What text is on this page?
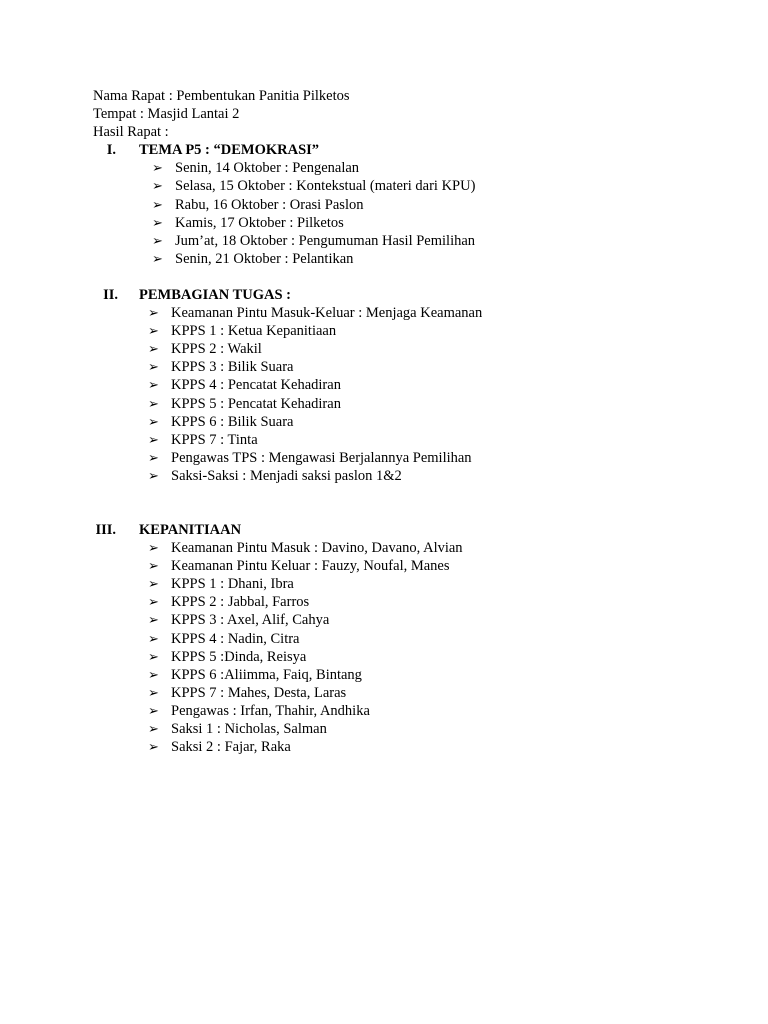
Nama Rapat : Pembentukan Panitia Pilketos
Tempat : Masjid Lantai 2
Hasil Rapat :
I. TEMA P5 : “DEMOKRASI”
➢ Senin, 14 Oktober : Pengenalan
➢ Selasa, 15 Oktober : Kontekstual (materi dari KPU)
➢ Rabu, 16 Oktober : Orasi Paslon
➢ Kamis, 17 Oktober : Pilketos
➢ Jum’at, 18 Oktober : Pengumuman Hasil Pemilihan
➢ Senin, 21 Oktober : Pelantikan
II. PEMBAGIAN TUGAS :
➢ Keamanan Pintu Masuk-Keluar : Menjaga Keamanan
➢ KPPS 1 : Ketua Kepanitiaan
➢ KPPS 2 : Wakil
➢ KPPS 3 : Bilik Suara
➢ KPPS 4 : Pencatat Kehadiran
➢ KPPS 5 : Pencatat Kehadiran
➢ KPPS 6 : Bilik Suara
➢ KPPS 7 : Tinta
➢ Pengawas TPS : Mengawasi Berjalannya Pemilihan
➢ Saksi-Saksi : Menjadi saksi paslon 1&2
III. KEPANITIAAN
➢ Keamanan Pintu Masuk : Davino, Davano, Alvian
➢ Keamanan Pintu Keluar : Fauzy, Noufal, Manes
➢ KPPS 1 : Dhani, Ibra
➢ KPPS 2 : Jabbal, Farros
➢ KPPS 3 : Axel, Alif, Cahya
➢ KPPS 4 : Nadin, Citra
➢ KPPS 5 :Dinda, Reisya
➢ KPPS 6 :Aliimma, Faiq, Bintang
➢ KPPS 7 : Mahes, Desta, Laras
➢ Pengawas : Irfan, Thahir, Andhika
➢ Saksi 1 : Nicholas, Salman
➢ Saksi 2 : Fajar, Raka
